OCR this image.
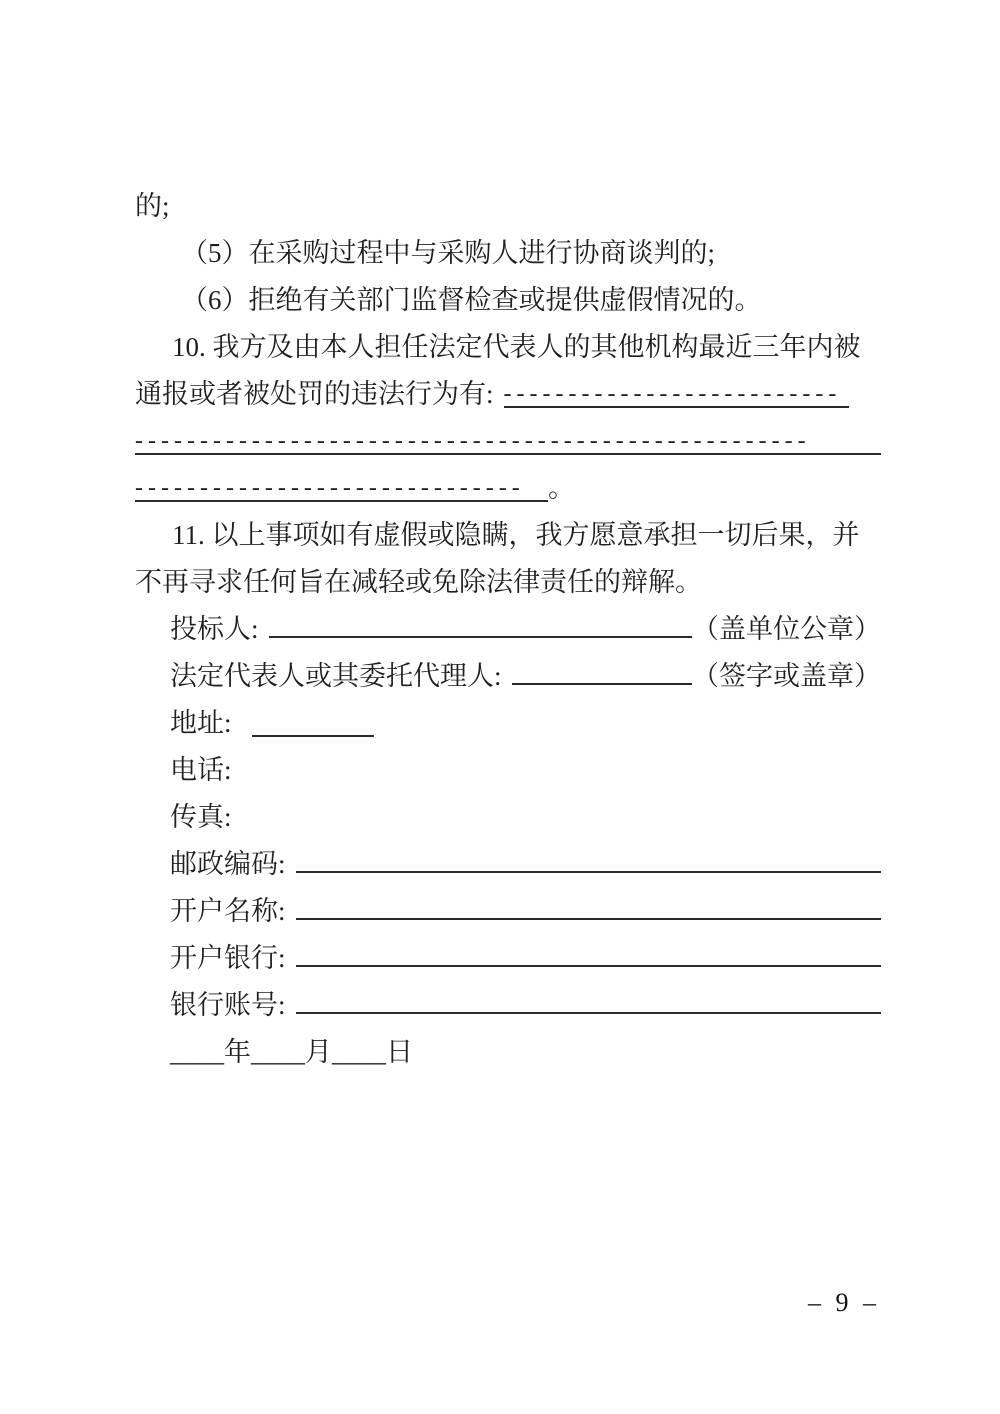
的;
（5）在采购过程中与采购人进行协商谈判的;
（6）拒绝有关部门监督检查或提供虚假情况的。
10. 我方及由本人担任法定代表人的其他机构最近三年内被
通报或者被处罚的违法行为有: --------------------------
----------------------------------------------------
------------------------------ 。
11. 以上事项如有虚假或隐瞒，我方愿意承担一切后果，并
不再寻求任何旨在减轻或免除法律责任的辩解。
投标人:	（盖单位公章）
法定代表人或其委托代理人:	（签字或盖章）
地址:
电话:
传真:
邮政编码:
开户名称:
开户银行:
银行账号:
____年____月____日
– 9 –
